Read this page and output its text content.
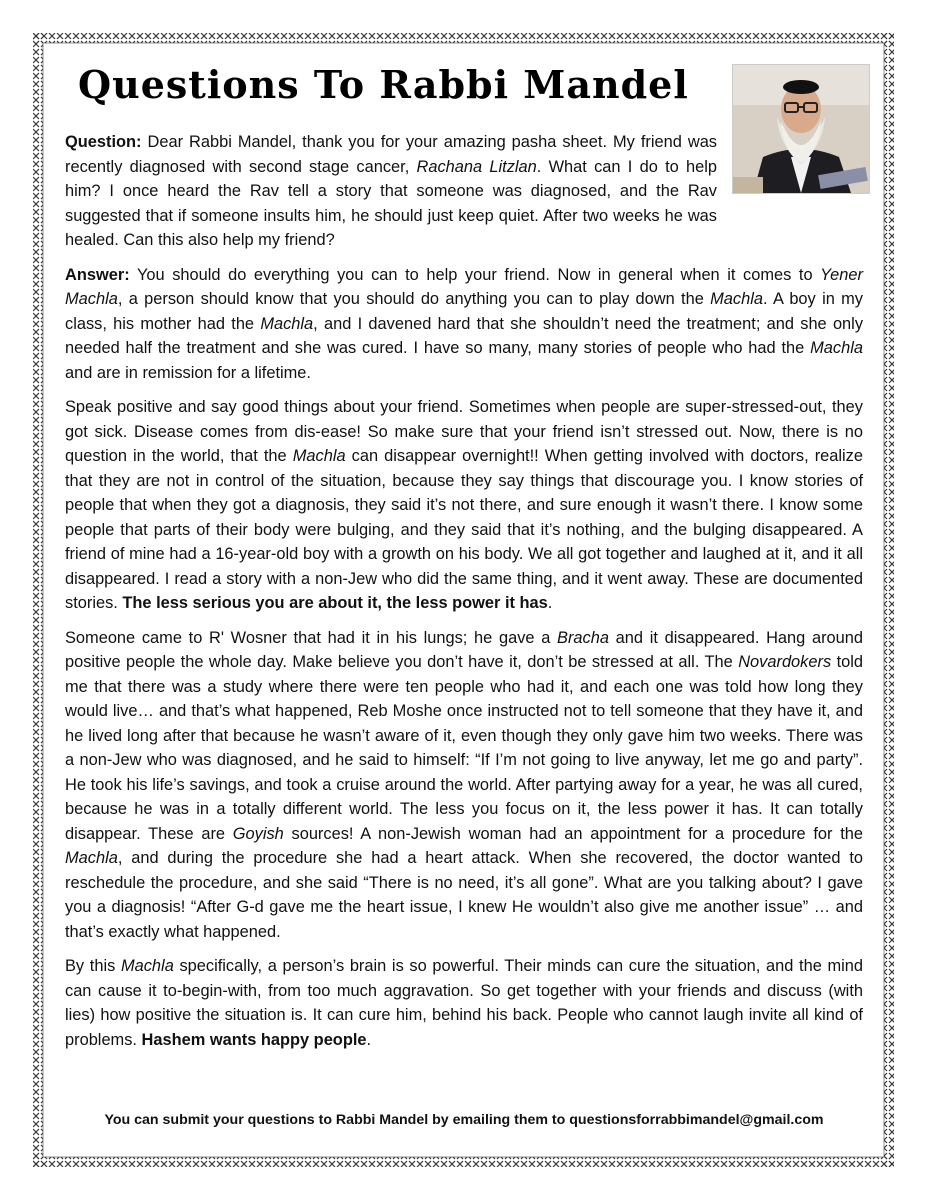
Questions To Rabbi Mandel

Question: Dear Rabbi Mandel, thank you for your amazing pasha sheet. My friend was recently diagnosed with second stage cancer, Rachana Litzlan. What can I do to help him? I once heard the Rav tell a story that someone was diagnosed, and the Rav suggested that if someone insults him, he should just keep quiet. After two weeks he was healed. Can this also help my friend?

Answer: You should do everything you can to help your friend. Now in general when it comes to Yener Machla, a person should know that you should do anything you can to play down the Machla. A boy in my class, his mother had the Machla, and I davened hard that she shouldn’t need the treatment; and she only needed half the treatment and she was cured. I have so many, many stories of people who had the Machla and are in remission for a lifetime.

Speak positive and say good things about your friend. Sometimes when people are super-stressed-out, they got sick. Disease comes from dis-ease! So make sure that your friend isn’t stressed out. Now, there is no question in the world, that the Machla can disappear overnight!! When getting involved with doctors, realize that they are not in control of the situation, because they say things that discourage you. I know stories of people that when they got a diagnosis, they said it’s not there, and sure enough it wasn’t there. I know some people that parts of their body were bulging, and they said that it’s nothing, and the bulging disappeared. A friend of mine had a 16-year-old boy with a growth on his body. We all got together and laughed at it, and it all disappeared. I read a story with a non-Jew who did the same thing, and it went away. These are documented stories. The less serious you are about it, the less power it has.

Someone came to R' Wosner that had it in his lungs; he gave a Bracha and it disappeared. Hang around positive people the whole day. Make believe you don’t have it, don’t be stressed at all. The Novardokers told me that there was a study where there were ten people who had it, and each one was told how long they would live… and that’s what happened, Reb Moshe once instructed not to tell someone that they have it, and he lived long after that because he wasn’t aware of it, even though they only gave him two weeks. There was a non-Jew who was diagnosed, and he said to himself: “If I’m not going to live anyway, let me go and party”. He took his life’s savings, and took a cruise around the world. After partying away for a year, he was all cured, because he was in a totally different world. The less you focus on it, the less power it has. It can totally disappear. These are Goyish sources! A non-Jewish woman had an appointment for a procedure for the Machla, and during the procedure she had a heart attack. When she recovered, the doctor wanted to reschedule the procedure, and she said “There is no need, it’s all gone”. What are you talking about? I gave you a diagnosis! “After G-d gave me the heart issue, I knew He wouldn’t also give me another issue” … and that’s exactly what happened.

By this Machla specifically, a person’s brain is so powerful. Their minds can cure the situation, and the mind can cause it to-begin-with, from too much aggravation. So get together with your friends and discuss (with lies) how positive the situation is. It can cure him, behind his back. People who cannot laugh invite all kind of problems. Hashem wants happy people.

You can submit your questions to Rabbi Mandel by emailing them to questionsforrabbimandel@gmail.com
